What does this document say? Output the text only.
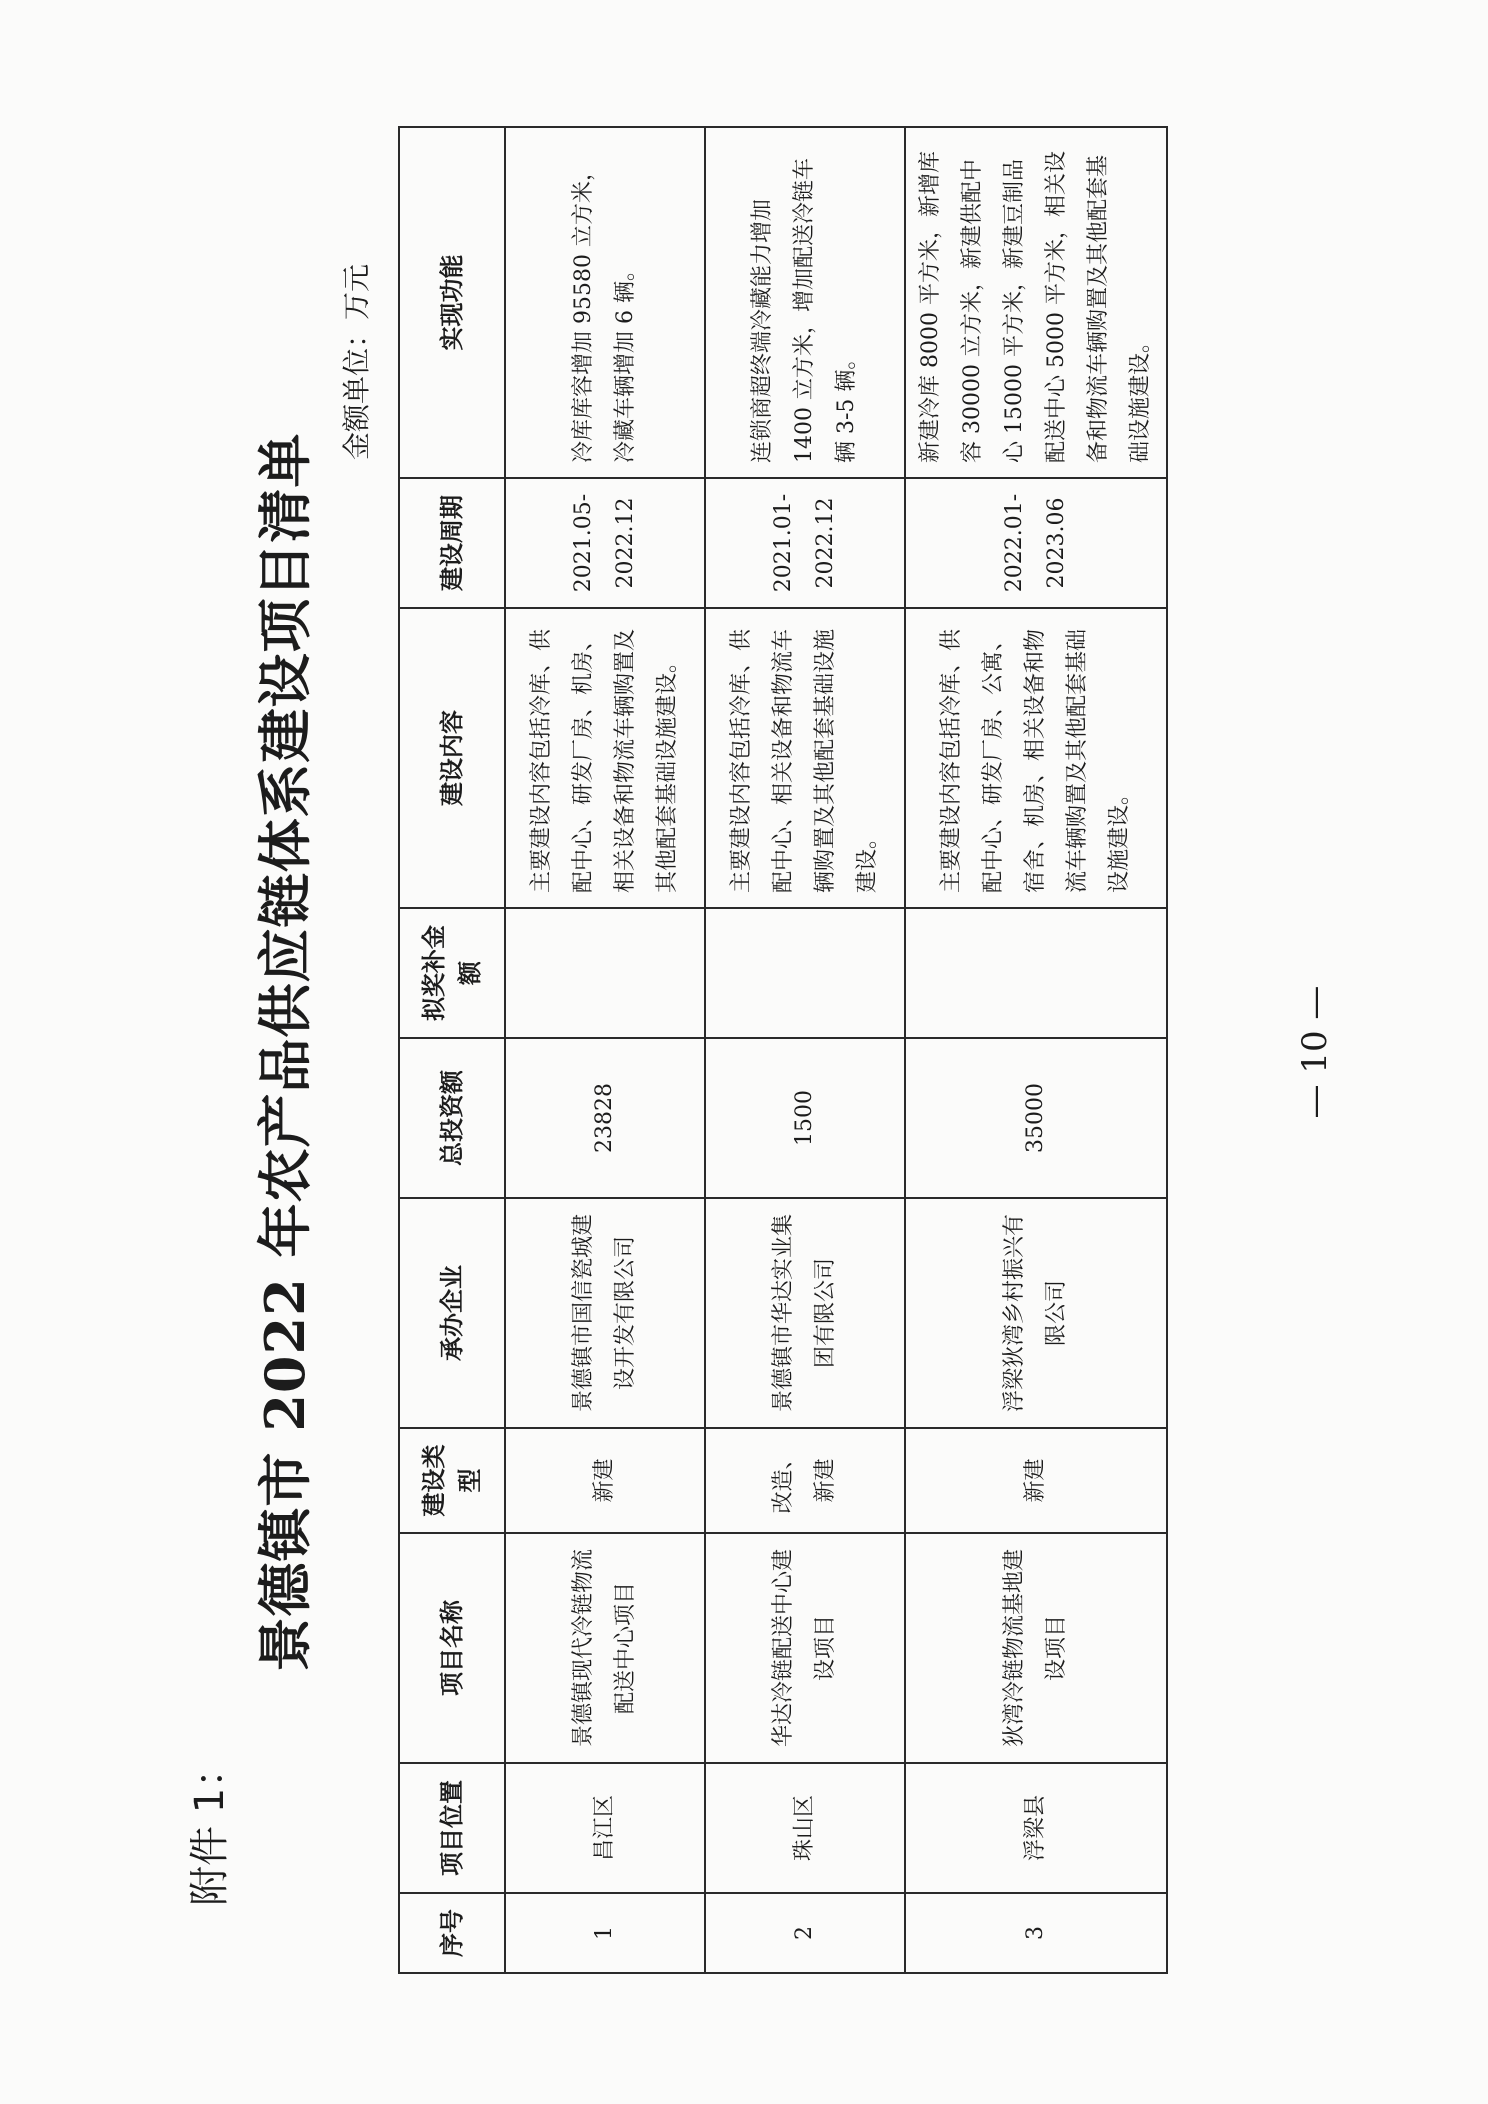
附件 1：
景德镇市 2022 年农产品供应链体系建设项目清单
金额单位：万元
序号	项目位置	项目名称	建设类型	承办企业	总投资额	拟奖补金额	建设内容	建设周期	实现功能
1	昌江区	景德镇现代冷链物流配送中心项目	新建	景德镇市国信瓷城建设开发有限公司	23828		主要建设内容包括冷库、供配中心、研发厂房、机房、相关设备和物流车辆购置及其他配套基础设施建设。	2021.05-2022.12	冷库库容增加 95580 立方米，冷藏车辆增加 6 辆。
2	珠山区	华达冷链配送中心建设项目	改造、新建	景德镇市华达实业集团有限公司	1500		主要建设内容包括冷库、供配中心、相关设备和物流车辆购置及其他配套基础设施建设。	2021.01-2022.12	连锁商超终端冷藏能力增加 1400 立方米，增加配送冷链车辆 3-5 辆。
3	浮梁县	狄湾冷链物流基地建设项目	新建	浮梁狄湾乡村振兴有限公司	35000		主要建设内容包括冷库、供配中心、研发厂房、公寓、宿舍、机房、相关设备和物流车辆购置及其他配套基础设施建设。	2022.01-2023.06	新建冷库 8000 平方米，新增库容 30000 立方米，新建供配中心 15000 平方米，新建豆制品配送中心 5000 平方米，相关设备和物流车辆购置及其他配套基础设施建设。
— 10 —
